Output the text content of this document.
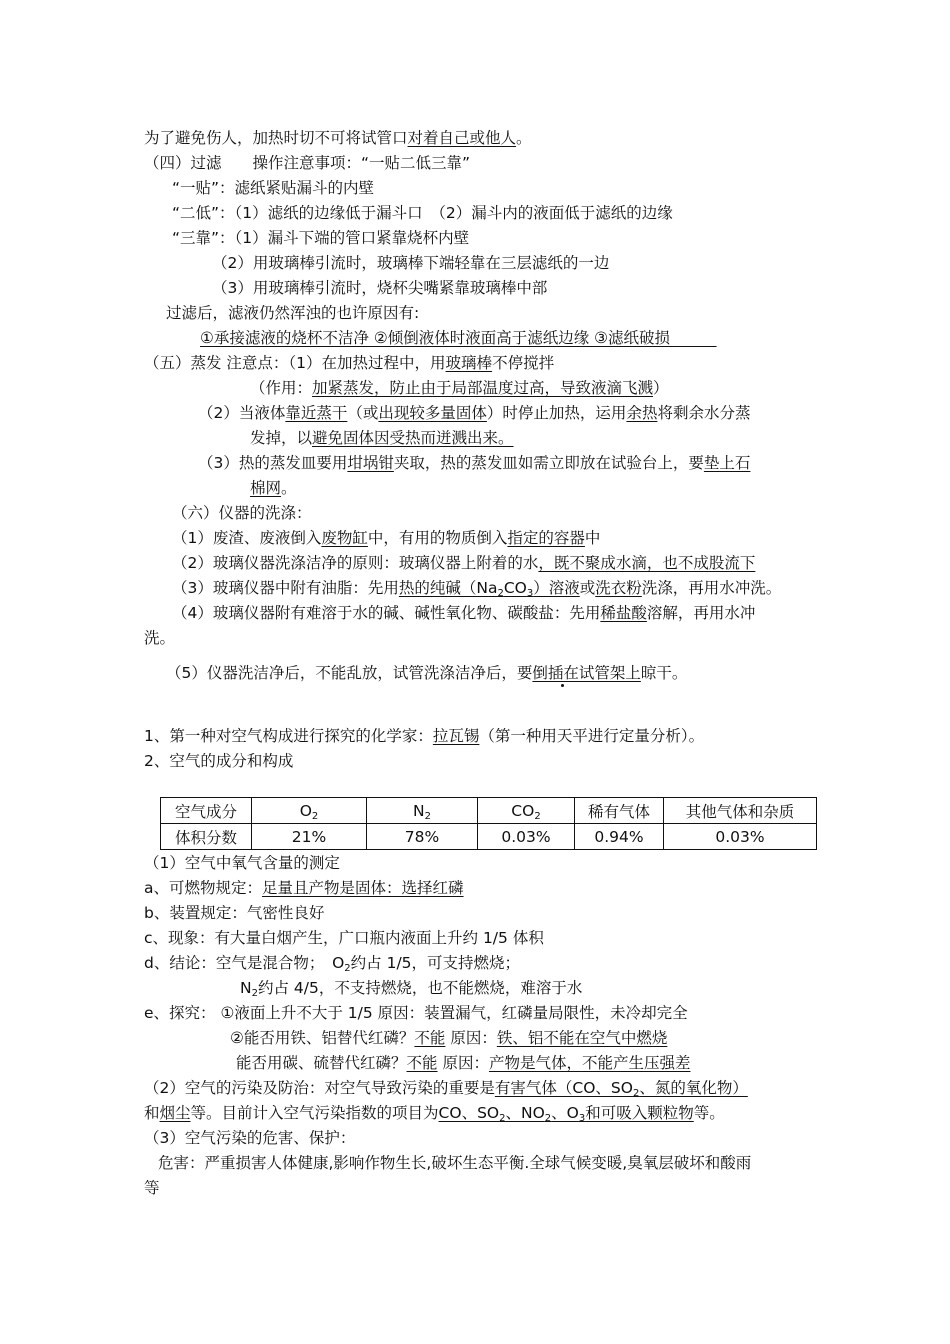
为了避免伤人，加热时切不可将试管口对着自己或他人。
（四）过滤　　操作注意事项：“一贴二低三靠”
“一贴”：滤纸紧贴漏斗的内壁
“二低”：（1）滤纸的边缘低于漏斗口　（2）漏斗内的液面低于滤纸的边缘
“三靠”：（1）漏斗下端的管口紧靠烧杯内壁
（2）用玻璃棒引流时，玻璃棒下端轻靠在三层滤纸的一边
（3）用玻璃棒引流时，烧杯尖嘴紧靠玻璃棒中部
过滤后，滤液仍然浑浊的也许原因有:
①承接滤液的烧杯不洁净 ②倾倒液体时液面高于滤纸边缘 ③滤纸破损　　　
（五）蒸发 注意点：（1）在加热过程中，用玻璃棒不停搅拌
（作用：加紧蒸发，防止由于局部温度过高，导致液滴飞溅）
（2）当液体靠近蒸干（或出现较多量固体）时停止加热，运用余热将剩余水分蒸
发掉，以避免固体因受热而迸溅出来。
（3）热的蒸发皿要用坩埚钳夹取，热的蒸发皿如需立即放在试验台上，要垫上石
棉网。
（六）仪器的洗涤：
（1）废渣、废液倒入废物缸中，有用的物质倒入指定的容器中
（2）玻璃仪器洗涤洁净的原则：玻璃仪器上附着的水，既不聚成水滴，也不成股流下
（3）玻璃仪器中附有油脂：先用热的纯碱$(Na_2CO_3)$溶液或洗衣粉洗涤，再用水冲洗。
（4）玻璃仪器附有难溶于水的碱、碱性氧化物、碳酸盐：先用稀盐酸溶解，再用水冲
洗。
（5）仪器洗洁净后，不能乱放，试管洗涤洁净后，要倒插在试管架上晾干。
1、第一种对空气构成进行探究的化学家：拉瓦锡（第一种用天平进行定量分析）。
2、空气的成分和构成
空气成分	$O_2$	$N_2$	$CO_2$	稀有气体	其他气体和杂质
体积分数	21%	78%	0.03%	0.94%	0.03%
（1）空气中氧气含量的测定
a、可燃物规定：足量且产物是固体：选择红磷
b、装置规定：气密性良好
c、现象：有大量白烟产生，广口瓶内液面上升约 1/5 体积
d、结论：空气是混合物；　$O_2$约占 1/5，可支持燃烧；
$N_2$约占 4/5，不支持燃烧，也不能燃烧，难溶于水
e、探究： ①液面上升不大于 1/5 原因：装置漏气，红磷量局限性，未冷却完全
②能否用铁、铝替代红磷？不能 原因：铁、铝不能在空气中燃烧
能否用碳、硫替代红磷？不能 原因：产物是气体，不能产生压强差
（2）空气的污染及防治：对空气导致污染的重要是有害气体（CO、$SO_2$、氮的氧化物）
和烟尘等。目前计入空气污染指数的项目为CO、$SO_2$、$NO_2$、$O_3$和可吸入颗粒物等。
（3）空气污染的危害、保护：
危害：严重损害人体健康,影响作物生长,破坏生态平衡.全球气候变暖,臭氧层破坏和酸雨
等
